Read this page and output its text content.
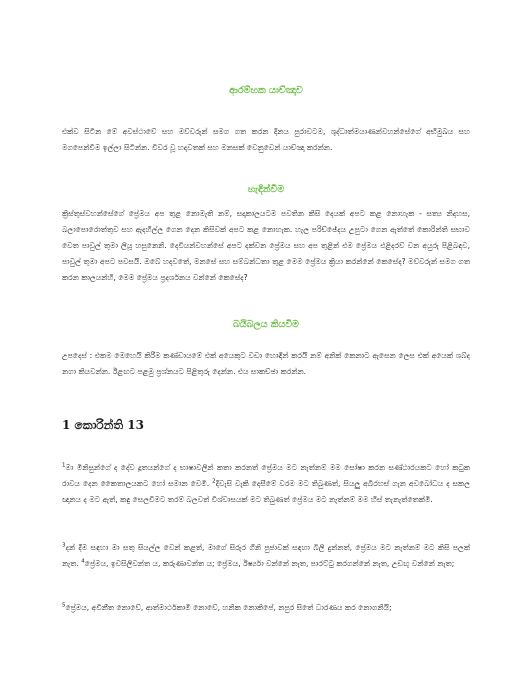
ආරම්භක යාච්ඤාව

එක්ව සිටින මේ අවස්ථාවේ සහ මව්වරුන් සමග ගත කරන දිනය පුරාවටම, ශුද්ධාත්මයාණන්වහන්සේගේ අභිමුඛය සහ මගපෙන්වීම ඉල්ලා සිටින්න. විවර වූ හදවතක් සහ මනසක් වෙනුවෙන් යාච්ඤා කරන්න.

හැඳින්වීම

ක්‍රිස්තුස්වහන්සේගේ ප්‍රේමය අප තුළ නොමැති නම්, සදාකාලයටම පවතින කිසි දෙයක් අපට කළ නොහැක - සත්‍ය නිදහස, බලාපොරොත්තුව සහ ඇදහිල්ල ගෙන දෙන කිසිවක් අපට කළ නොහැක. හැල පරිච්ඡේදය උපුටා ගෙන ඇත්තේ කොරින්ති සභාව වෙත පාවුල් තුමා ලියූ හසුනෙනි. දෙවියන්වහන්සේ අපට දක්වන ප්‍රේමය සහ අප තුළින් එම ප්‍රේමය එළිදරව් වන අයුරු පිළිබඳව, පාවුල් තුමා අපට පවසයි. ඔබේ හදවතේ, මනසේ සහ සම්බන්ධතා තුළ මෙම ප්‍රේමය ක්‍රියා කරන්නේ කෙසේද? මව්වරුන් සමග ගත කරන කාලයන්හි, මෙම ප්‍රේමය ප්‍රදර්ශනය වන්නේ කෙසේද?

බයිබලය කියවීම

උපදෙස් : එකම මෙහෙයි කිරීම කණ්ඩායමේ එක් අයෙකුට වඩා හොඳින් කරයි නම් අනික් කෙනාට ඇසෙන ලෙස එක් අයෙක් ශබ්ද නගා කියවන්න. ඊළඟට පළමු ප්‍රශ්නයට පිළිතුරු දෙන්න. එය සාකච්ඡා කරන්න.

1 කොරින්ති 13

$^1$මා මිනිසුන්ගේ ද දේව දූතයන්ගේ ද භාෂාවලින් කතා කරනත් ප්‍රේමය මට නැත්නම් මම සෝෂා කරන සණ්ඨාරයකට හෝ කටුක රාවය දෙන කෛතාලයකට හෝ සමාන වෙමි. $^2$දිවැසි වැකි දෙසීමේ වරම මට තිබුණත්, සියලු අබිරහස් ගැන අවබෝධය ද සකල ඥානය ද මට ඇත්, කඳු සෙලවීමට තරම් බලවත් විශ්වාසයක් මට තිබුණත් ප්‍රේමය මට නැත්නම් මම හිස් තැනැත්තෙක්මි.

$^3$දන් දීම සඳහා මා සතු සියල්ල වෙන් කළත්, මාගේ සිරුර ගිනි පුජාවක් සඳහා බිලි දුන්නත්, ප්‍රේමය මට නැත්නම් මට කිසි පලක් නැත. $^4$ප්‍රේමය, ඉවසිලිවන්ත ය, කරුණාවන්ත ය; ප්‍රේමය, ඊර්ෂ්‍යා වන්නේ නැත, පාරට්ටු කරගන්නේ නැත, උඩඟු වන්නේ නැත;

$^5$ප්‍රේමය, අවිනීත නොවේ, ආත්මාර්ථකාමී නොවේ, හනික නොකිපේ, නපුර සිතේ ධාරණය කර නොගනියි;
